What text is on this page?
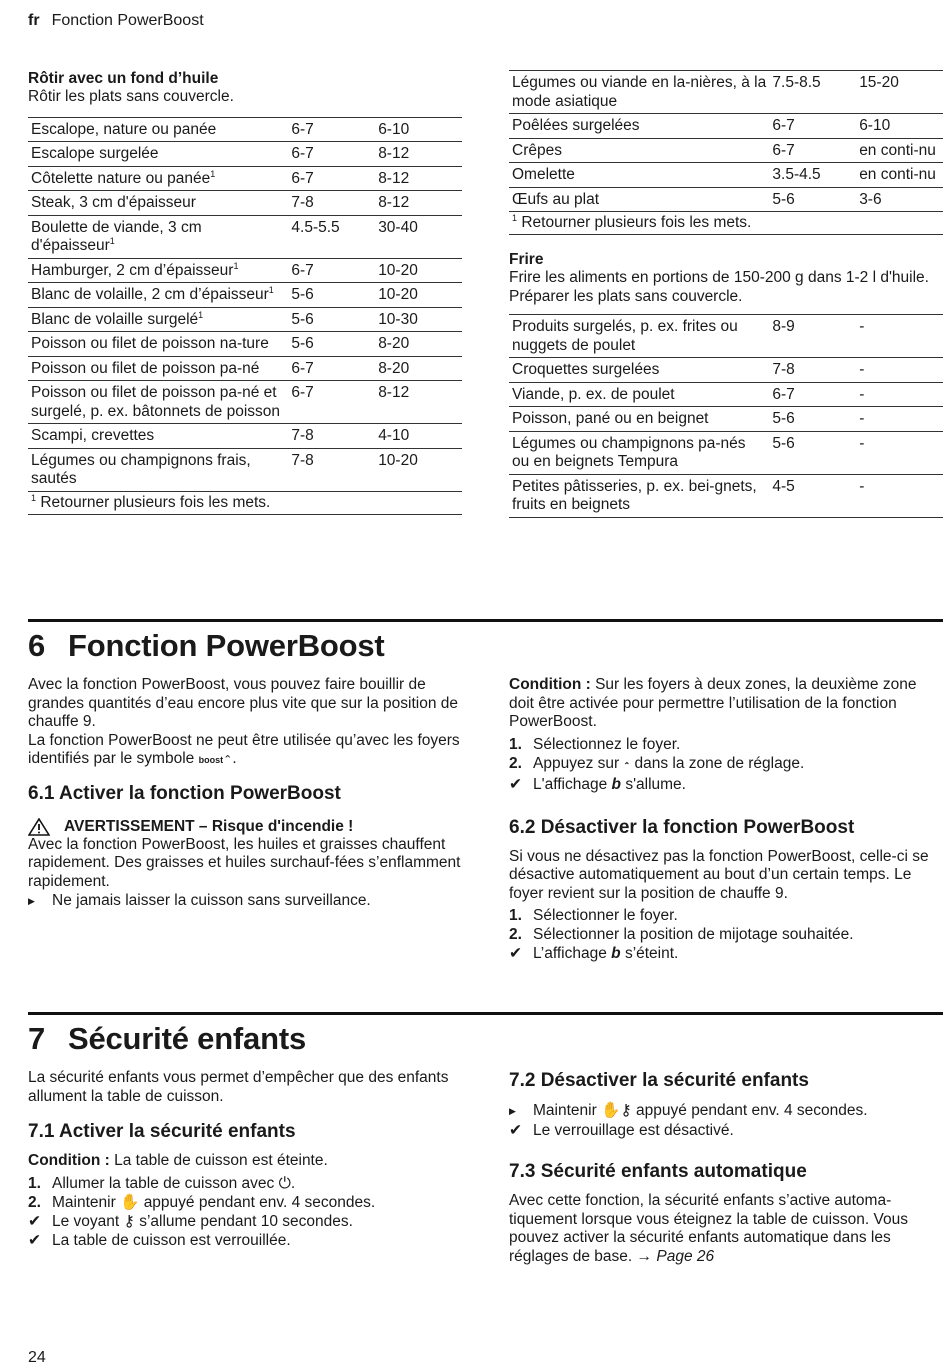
fr Fonction PowerBoost
Rôtir avec un fond d’huile
Rôtir les plats sans couvercle.
Escalope, nature ou panée	6-7	6-10
Escalope surgelée	6-7	8-12
Côtelette nature ou panée$^1$	6-7	8-12
Steak, 3 cm d'épaisseur	7-8	8-12
Boulette de viande, 3 cm d'épaisseur$^1$	4.5-5.5	30-40
Hamburger, 2 cm d’épaisseur$^1$	6-7	10-20
Blanc de volaille, 2 cm d’épaisseur$^1$	5-6	10-20
Blanc de volaille surgelé$^1$	5-6	10-30
Poisson ou filet de poisson na-ture	5-6	8-20
Poisson ou filet de poisson pa-né	6-7	8-20
Poisson ou filet de poisson pa-né et surgelé, p. ex. bâtonnets de poisson	6-7	8-12
Scampi, crevettes	7-8	4-10
Légumes ou champignons frais, sautés	7-8	10-20
$^1$ Retourner plusieurs fois les mets.
Légumes ou viande en la-nières, à la mode asiatique	7.5-8.5	15-20
Poêlées surgelées	6-7	6-10
Crêpes	6-7	en conti-nu
Omelette	3.5-4.5	en conti-nu
Œufs au plat	5-6	3-6
$^1$ Retourner plusieurs fois les mets.
Frire
Frire les aliments en portions de 150-200 g dans 1-2 l d'huile. Préparer les plats sans couvercle.
Produits surgelés, p. ex. frites ou nuggets de poulet	8-9	-
Croquettes surgelées	7-8	-
Viande, p. ex. de poulet	6-7	-
Poisson, pané ou en beignet	5-6	-
Légumes ou champignons pa-nés ou en beignets Tempura	5-6	-
Petites pâtisseries, p. ex. bei-gnets, fruits en beignets	4-5	-
6 Fonction PowerBoost
Avec la fonction PowerBoost, vous pouvez faire bouillir de grandes quantités d’eau encore plus vite que sur la position de chauffe 9.
La fonction PowerBoost ne peut être utilisée qu’avec les foyers identifiés par le symbole boost⌃.
6.1 Activer la fonction PowerBoost
AVERTISSEMENT – Risque d'incendie !
Avec la fonction PowerBoost, les huiles et graisses chauffent rapidement. Des graisses et huiles surchauf-fées s’enflamment rapidement.
▶	Ne jamais laisser la cuisson sans surveillance.
Condition : Sur les foyers à deux zones, la deuxième zone doit être activée pour permettre l’utilisation de la fonction PowerBoost.
1. Sélectionnez le foyer.
2. Appuyez sur ⌃ dans la zone de réglage.
✔ L'affichage b s'allume.
6.2 Désactiver la fonction PowerBoost
Si vous ne désactivez pas la fonction PowerBoost, celle-ci se désactive automatiquement au bout d’un certain temps. Le foyer revient sur la position de chauffe 9.
1. Sélectionner le foyer.
2. Sélectionner la position de mijotage souhaitée.
✔ L’affichage b s’éteint.
7 Sécurité enfants
La sécurité enfants vous permet d’empêcher que des enfants allument la table de cuisson.
7.1 Activer la sécurité enfants
Condition : La table de cuisson est éteinte.
1. Allumer la table de cuisson avec ⏻.
2. Maintenir ✋ appuyé pendant env. 4 secondes.
✔ Le voyant ⚷ s’allume pendant 10 secondes.
✔ La table de cuisson est verrouillée.
7.2 Désactiver la sécurité enfants
▶	Maintenir ✋⚷ appuyé pendant env. 4 secondes.
✔ Le verrouillage est désactivé.
7.3 Sécurité enfants automatique
Avec cette fonction, la sécurité enfants s’active automa-tiquement lorsque vous éteignez la table de cuisson. Vous pouvez activer la sécurité enfants automatique dans les réglages de base. → Page 26
24
